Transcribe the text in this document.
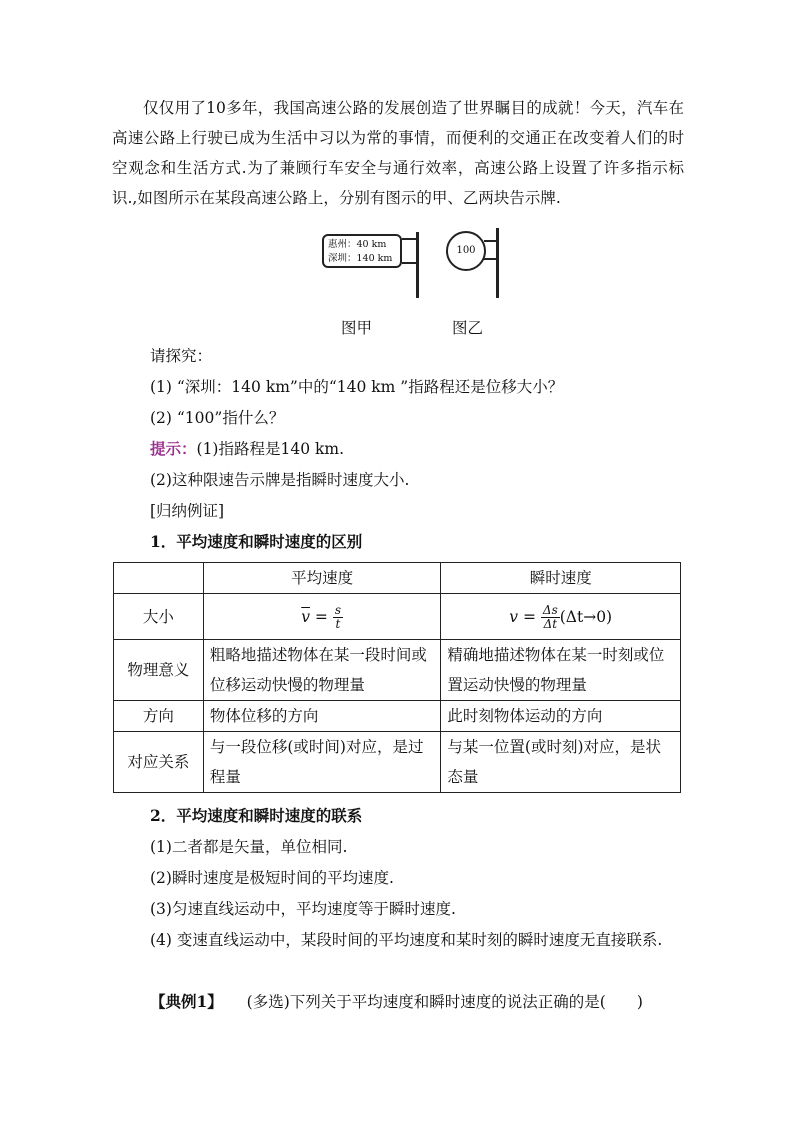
仅仅用了10多年，我国高速公路的发展创造了世界瞩目的成就！今天，汽车在高速公路上行驶已成为生活中习以为常的事情，而便利的交通正在改变着人们的时空观念和生活方式.为了兼顾行车安全与通行效率，高速公路上设置了许多指示标识.,如图所示在某段高速公路上，分别有图示的甲、乙两块告示牌.
惠州：40 km
深圳：140 km
100
图甲	图乙
请探究：
(1) “深圳：140 km”中的“140 km ”指路程还是位移大小？
(2) “100”指什么？
提示：(1)指路程是140 km.
(2)这种限速告示牌是指瞬时速度大小.
[归纳例证]
1．平均速度和瞬时速度的区别
	平均速度	瞬时速度
大小	$\overline{v} = \frac{s}{t}$	$v = \frac{\Delta s}{\Delta t} (\Delta t\to 0)$
物理意义	粗略地描述物体在某一段时间或位移运动快慢的物理量	精确地描述物体在某一时刻或位置运动快慢的物理量
方向	物体位移的方向	此时刻物体运动的方向
对应关系	与一段位移(或时间)对应，是过程量	与某一位置(或时刻)对应，是状态量
2．平均速度和瞬时速度的联系
(1)二者都是矢量，单位相同.
(2)瞬时速度是极短时间的平均速度.
(3)匀速直线运动中，平均速度等于瞬时速度.
(4) 变速直线运动中，某段时间的平均速度和某时刻的瞬时速度无直接联系.
【典例1】 (多选)下列关于平均速度和瞬时速度的说法正确的是(　　)
